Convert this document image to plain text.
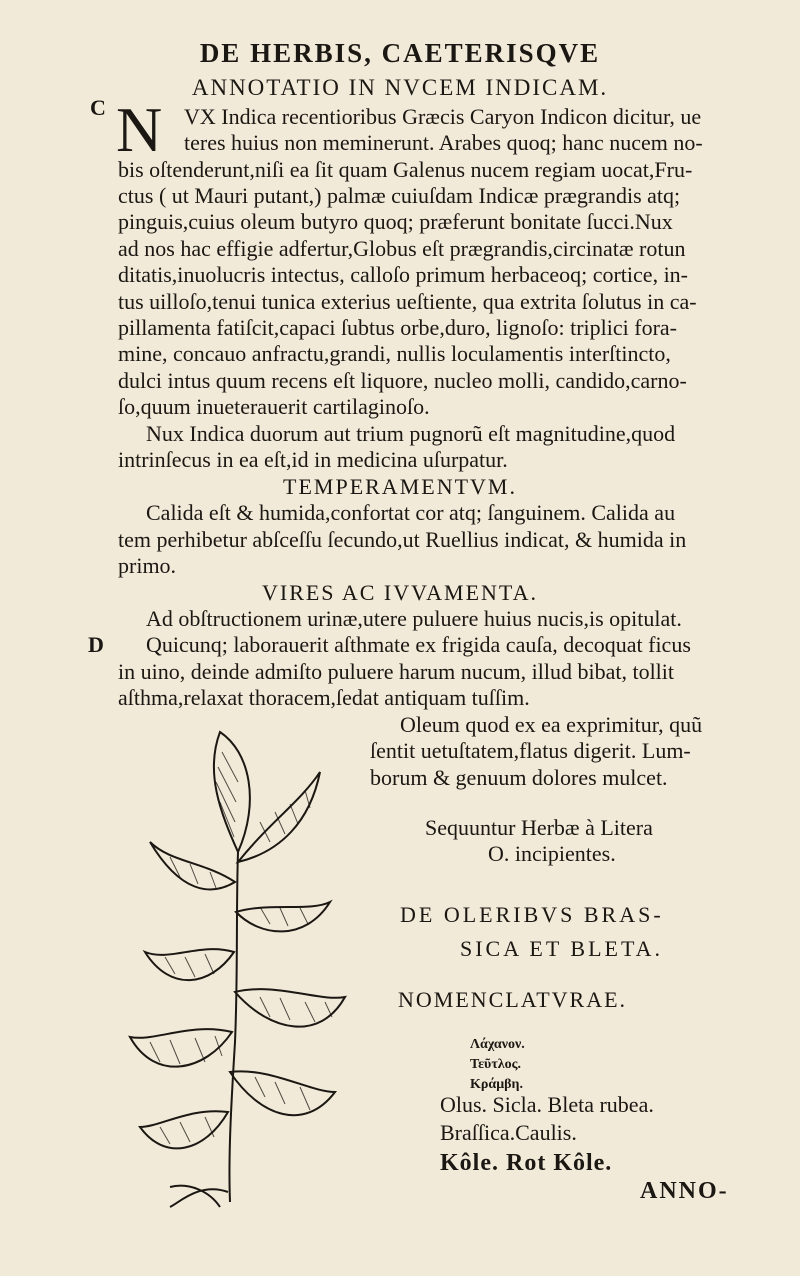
DE HERBIS, CAETERISQVE
ANNOTATIO IN NVCEM INDICAM.
C N VX Indica recentioribus Græcis Caryon Indicon dicitur, ue
teres huius non meminerunt. Arabes quoq; hanc nucem no-
bis oſtenderunt,niſi ea ſit quam Galenus nucem regiam uocat,Fru-
ctus ( ut Mauri putant,) palmæ cuiuſdam Indicæ prægrandis atq;
pinguis,cuius oleum butyro quoq; præferunt bonitate ſucci.Nux
ad nos hac effigie adfertur,Globus eſt prægrandis,circinatæ rotun
ditatis,inuolucris intectus, calloſo primum herbaceoq; cortice, in-
tus uilloſo,tenui tunica exterius ueſtiente, qua extrita ſolutus in ca-
pillamenta fatiſcit,capaci ſubtus orbe,duro, lignoſo: triplici fora-
mine, concauo anfractu,grandi, nullis loculamentis interſtincto,
dulci intus quum recens eſt liquore, nucleo molli, candido,carno-
ſo,quum inueterauerit cartilaginoſo.
Nux Indica duorum aut trium pugnorũ eſt magnitudine,quod
intrinſecus in ea eſt,id in medicina uſurpatur.
TEMPERAMENTVM.
Calida eſt & humida,confortat cor atq; ſanguinem. Calida au
tem perhibetur abſceſſu ſecundo,ut Ruellius indicat, & humida in
primo.
VIRES AC IVVAMENTA.
Ad obſtructionem urinæ,utere puluere huius nucis,is opitulat.
D Quicunq; laborauerit aſthmate ex frigida cauſa, decoquat ficus
in uino, deinde admiſto puluere harum nucum, illud bibat, tollit
aſthma,relaxat thoracem,ſedat antiquam tuſſim.
Oleum quod ex ea exprimitur, quũ
ſentit uetuſtatem,flatus digerit. Lum-
borum & genuum dolores mulcet.
Sequuntur Herbæ à Litera
O. incipientes.
DE OLERIBVS BRAS-
SICA ET BLETA.
NOMENCLATVRAE.
Λάχανον.
Τεῦτλος.
Κράμβη.
Olus. Sicla. Bleta rubea.
Braſſica.Caulis.
Kôle. Rot Kôle.
ANNO-
